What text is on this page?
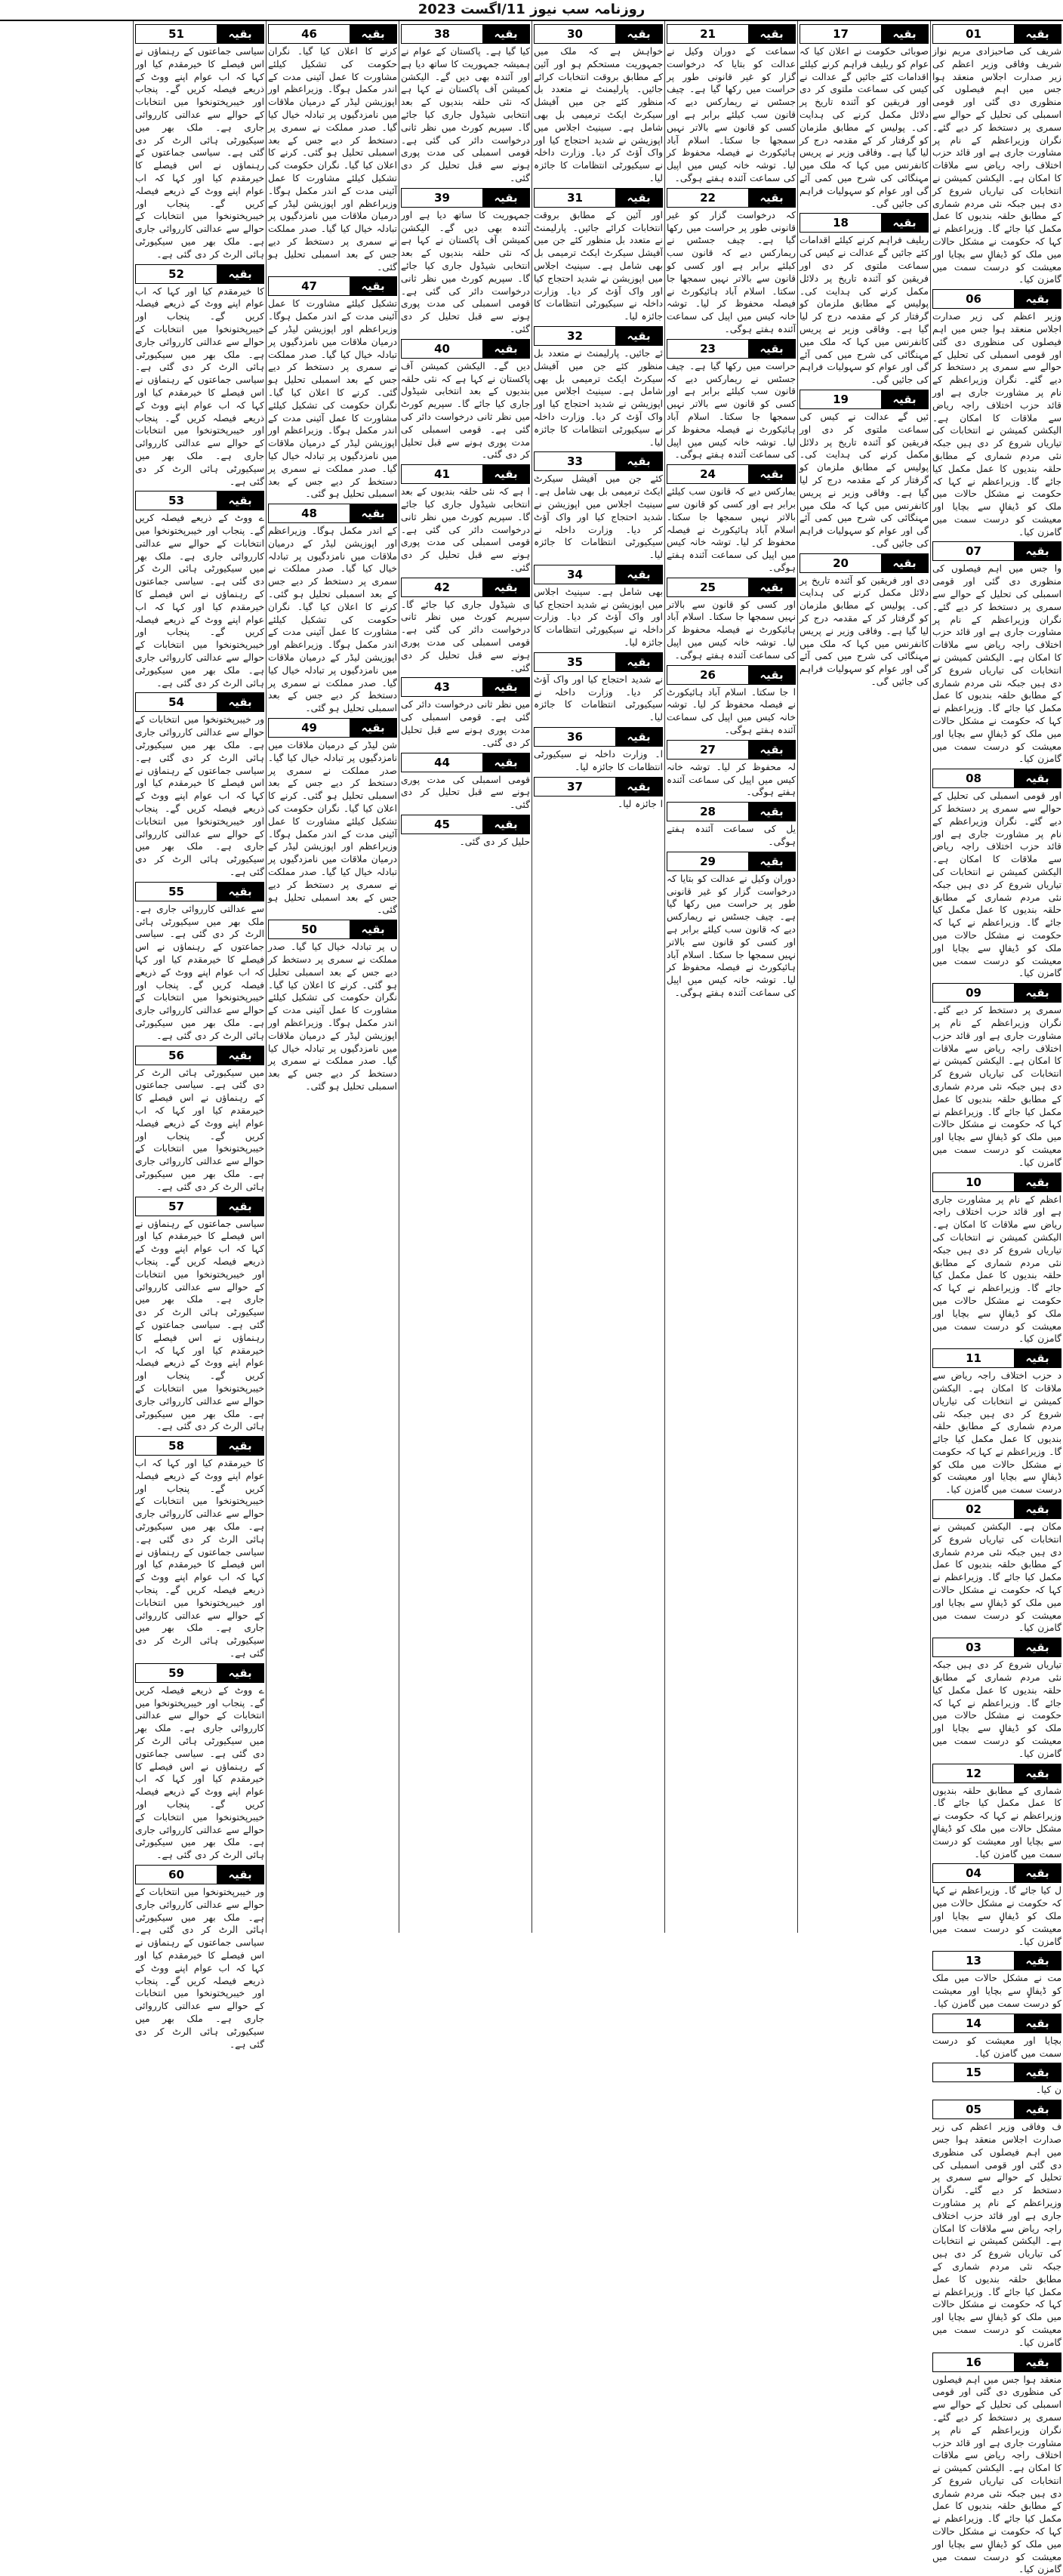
روزنامہ سب نیوز 11/اگست 2023
بقیہ
01

شریف کی صاحبزادی مریم نواز شریف وفاقی وزیر اعظم کی زیر صدارت اجلاس منعقد ہوا جس میں اہم فیصلوں کی منظوری دی گئی اور قومی اسمبلی کی تحلیل کے حوالے سے سمری پر دستخط کر دیے گئے۔ نگران وزیراعظم کے نام پر مشاورت جاری ہے اور قائد حزب اختلاف راجہ ریاض سے ملاقات کا امکان ہے۔ الیکشن کمیشن نے انتخابات کی تیاریاں شروع کر دی ہیں جبکہ نئی مردم شماری کے مطابق حلقہ بندیوں کا عمل مکمل کیا جائے گا۔ وزیراعظم نے کہا کہ حکومت نے مشکل حالات میں ملک کو ڈیفالٟ سے بچایا اور معیشت کو درست سمت میں گامزن کیا۔

بقیہ
06

وزیر اعظم کی زیر صدارت اجلاس منعقد ہوا جس میں اہم فیصلوں کی منظوری دی گئی اور قومی اسمبلی کی تحلیل کے حوالے سے سمری پر دستخط کر دیے گئے۔ نگران وزیراعظم کے نام پر مشاورت جاری ہے اور قائد حزب اختلاف راجہ ریاض سے ملاقات کا امکان ہے۔ الیکشن کمیشن نے انتخابات کی تیاریاں شروع کر دی ہیں جبکہ نئی مردم شماری کے مطابق حلقہ بندیوں کا عمل مکمل کیا جائے گا۔ وزیراعظم نے کہا کہ حکومت نے مشکل حالات میں ملک کو ڈیفالٟ سے بچایا اور معیشت کو درست سمت میں گامزن کیا۔

بقیہ
07

وا جس میں اہم فیصلوں کی منظوری دی گئی اور قومی اسمبلی کی تحلیل کے حوالے سے سمری پر دستخط کر دیے گئے۔ نگران وزیراعظم کے نام پر مشاورت جاری ہے اور قائد حزب اختلاف راجہ ریاض سے ملاقات کا امکان ہے۔ الیکشن کمیشن نے انتخابات کی تیاریاں شروع کر دی ہیں جبکہ نئی مردم شماری کے مطابق حلقہ بندیوں کا عمل مکمل کیا جائے گا۔ وزیراعظم نے کہا کہ حکومت نے مشکل حالات میں ملک کو ڈیفالٟ سے بچایا اور معیشت کو درست سمت میں گامزن کیا۔

بقیہ
08

اور قومی اسمبلی کی تحلیل کے حوالے سے سمری پر دستخط کر دیے گئے۔ نگران وزیراعظم کے نام پر مشاورت جاری ہے اور قائد حزب اختلاف راجہ ریاض سے ملاقات کا امکان ہے۔ الیکشن کمیشن نے انتخابات کی تیاریاں شروع کر دی ہیں جبکہ نئی مردم شماری کے مطابق حلقہ بندیوں کا عمل مکمل کیا جائے گا۔ وزیراعظم نے کہا کہ حکومت نے مشکل حالات میں ملک کو ڈیفالٟ سے بچایا اور معیشت کو درست سمت میں گامزن کیا۔

بقیہ
09

سمری پر دستخط کر دیے گئے۔ نگران وزیراعظم کے نام پر مشاورت جاری ہے اور قائد حزب اختلاف راجہ ریاض سے ملاقات کا امکان ہے۔ الیکشن کمیشن نے انتخابات کی تیاریاں شروع کر دی ہیں جبکہ نئی مردم شماری کے مطابق حلقہ بندیوں کا عمل مکمل کیا جائے گا۔ وزیراعظم نے کہا کہ حکومت نے مشکل حالات میں ملک کو ڈیفالٟ سے بچایا اور معیشت کو درست سمت میں گامزن کیا۔

بقیہ
10

اعظم کے نام پر مشاورت جاری ہے اور قائد حزب اختلاف راجہ ریاض سے ملاقات کا امکان ہے۔ الیکشن کمیشن نے انتخابات کی تیاریاں شروع کر دی ہیں جبکہ نئی مردم شماری کے مطابق حلقہ بندیوں کا عمل مکمل کیا جائے گا۔ وزیراعظم نے کہا کہ حکومت نے مشکل حالات میں ملک کو ڈیفالٟ سے بچایا اور معیشت کو درست سمت میں گامزن کیا۔

بقیہ
11

د حزب اختلاف راجہ ریاض سے ملاقات کا امکان ہے۔ الیکشن کمیشن نے انتخابات کی تیاریاں شروع کر دی ہیں جبکہ نئی مردم شماری کے مطابق حلقہ بندیوں کا عمل مکمل کیا جائے گا۔ وزیراعظم نے کہا کہ حکومت نے مشکل حالات میں ملک کو ڈیفالٟ سے بچایا اور معیشت کو درست سمت میں گامزن کیا۔

بقیہ
02

مکان ہے۔ الیکشن کمیشن نے انتخابات کی تیاریاں شروع کر دی ہیں جبکہ نئی مردم شماری کے مطابق حلقہ بندیوں کا عمل مکمل کیا جائے گا۔ وزیراعظم نے کہا کہ حکومت نے مشکل حالات میں ملک کو ڈیفالٟ سے بچایا اور معیشت کو درست سمت میں گامزن کیا۔

بقیہ
03

تیاریاں شروع کر دی ہیں جبکہ نئی مردم شماری کے مطابق حلقہ بندیوں کا عمل مکمل کیا جائے گا۔ وزیراعظم نے کہا کہ حکومت نے مشکل حالات میں ملک کو ڈیفالٟ سے بچایا اور معیشت کو درست سمت میں گامزن کیا۔

بقیہ
12

شماری کے مطابق حلقہ بندیوں کا عمل مکمل کیا جائے گا۔ وزیراعظم نے کہا کہ حکومت نے مشکل حالات میں ملک کو ڈیفالٟ سے بچایا اور معیشت کو درست سمت میں گامزن کیا۔

بقیہ
04

ل کیا جائے گا۔ وزیراعظم نے کہا کہ حکومت نے مشکل حالات میں ملک کو ڈیفالٟ سے بچایا اور معیشت کو درست سمت میں گامزن کیا۔

بقیہ
13

مت نے مشکل حالات میں ملک کو ڈیفالٟ سے بچایا اور معیشت کو درست سمت میں گامزن کیا۔

بقیہ
14

بچایا اور معیشت کو درست سمت میں گامزن کیا۔

بقیہ
15

ن کیا۔

بقیہ
05

ف وفاقی وزیر اعظم کی زیر صدارت اجلاس منعقد ہوا جس میں اہم فیصلوں کی منظوری دی گئی اور قومی اسمبلی کی تحلیل کے حوالے سے سمری پر دستخط کر دیے گئے۔ نگران وزیراعظم کے نام پر مشاورت جاری ہے اور قائد حزب اختلاف راجہ ریاض سے ملاقات کا امکان ہے۔ الیکشن کمیشن نے انتخابات کی تیاریاں شروع کر دی ہیں جبکہ نئی مردم شماری کے مطابق حلقہ بندیوں کا عمل مکمل کیا جائے گا۔ وزیراعظم نے کہا کہ حکومت نے مشکل حالات میں ملک کو ڈیفالٟ سے بچایا اور معیشت کو درست سمت میں گامزن کیا۔

بقیہ
16

منعقد ہوا جس میں اہم فیصلوں کی منظوری دی گئی اور قومی اسمبلی کی تحلیل کے حوالے سے سمری پر دستخط کر دیے گئے۔ نگران وزیراعظم کے نام پر مشاورت جاری ہے اور قائد حزب اختلاف راجہ ریاض سے ملاقات کا امکان ہے۔ الیکشن کمیشن نے انتخابات کی تیاریاں شروع کر دی ہیں جبکہ نئی مردم شماری کے مطابق حلقہ بندیوں کا عمل مکمل کیا جائے گا۔ وزیراعظم نے کہا کہ حکومت نے مشکل حالات میں ملک کو ڈیفالٟ سے بچایا اور معیشت کو درست سمت میں گامزن کیا۔

بقیہ
17

صوبائی حکومت نے اعلان کیا کہ عوام کو ریلیف فراہم کرنے کیلئے اقدامات کئے جائیں گے عدالت نے کیس کی سماعت ملتوی کر دی اور فریقین کو آئندہ تاریخ پر دلائل مکمل کرنے کی ہدایت کی۔ پولیس کے مطابق ملزمان کو گرفتار کر کے مقدمہ درج کر لیا گیا ہے۔ وفاقی وزیر نے پریس کانفرنس میں کہا کہ ملک میں مہنگائی کی شرح میں کمی آئے گی اور عوام کو سہولیات فراہم کی جائیں گی۔

بقیہ
18

ریلیف فراہم کرنے کیلئے اقدامات کئے جائیں گے عدالت نے کیس کی سماعت ملتوی کر دی اور فریقین کو آئندہ تاریخ پر دلائل مکمل کرنے کی ہدایت کی۔ پولیس کے مطابق ملزمان کو گرفتار کر کے مقدمہ درج کر لیا گیا ہے۔ وفاقی وزیر نے پریس کانفرنس میں کہا کہ ملک میں مہنگائی کی شرح میں کمی آئے گی اور عوام کو سہولیات فراہم کی جائیں گی۔

بقیہ
19

ئیں گے عدالت نے کیس کی سماعت ملتوی کر دی اور فریقین کو آئندہ تاریخ پر دلائل مکمل کرنے کی ہدایت کی۔ پولیس کے مطابق ملزمان کو گرفتار کر کے مقدمہ درج کر لیا گیا ہے۔ وفاقی وزیر نے پریس کانفرنس میں کہا کہ ملک میں مہنگائی کی شرح میں کمی آئے گی اور عوام کو سہولیات فراہم کی جائیں گی۔

بقیہ
20

دی اور فریقین کو آئندہ تاریخ پر دلائل مکمل کرنے کی ہدایت کی۔ پولیس کے مطابق ملزمان کو گرفتار کر کے مقدمہ درج کر لیا گیا ہے۔ وفاقی وزیر نے پریس کانفرنس میں کہا کہ ملک میں مہنگائی کی شرح میں کمی آئے گی اور عوام کو سہولیات فراہم کی جائیں گی۔

بقیہ
21

سماعت کے دوران وکیل نے عدالت کو بتایا کہ درخواست گزار کو غیر قانونی طور پر حراست میں رکھا گیا ہے۔ چیف جسٹس نے ریمارکس دیے کہ قانون سب کیلئے برابر ہے اور کسی کو قانون سے بالاتر نہیں سمجھا جا سکتا۔ اسلام آباد ہائیکورٹ نے فیصلہ محفوظ کر لیا۔ توشہ خانہ کیس میں اپیل کی سماعت آئندہ ہفتے ہوگی۔

بقیہ
22

کہ درخواست گزار کو غیر قانونی طور پر حراست میں رکھا گیا ہے۔ چیف جسٹس نے ریمارکس دیے کہ قانون سب کیلئے برابر ہے اور کسی کو قانون سے بالاتر نہیں سمجھا جا سکتا۔ اسلام آباد ہائیکورٹ نے فیصلہ محفوظ کر لیا۔ توشہ خانہ کیس میں اپیل کی سماعت آئندہ ہفتے ہوگی۔

بقیہ
23

حراست میں رکھا گیا ہے۔ چیف جسٹس نے ریمارکس دیے کہ قانون سب کیلئے برابر ہے اور کسی کو قانون سے بالاتر نہیں سمجھا جا سکتا۔ اسلام آباد ہائیکورٹ نے فیصلہ محفوظ کر لیا۔ توشہ خانہ کیس میں اپیل کی سماعت آئندہ ہفتے ہوگی۔

بقیہ
24

یمارکس دیے کہ قانون سب کیلئے برابر ہے اور کسی کو قانون سے بالاتر نہیں سمجھا جا سکتا۔ اسلام آباد ہائیکورٹ نے فیصلہ محفوظ کر لیا۔ توشہ خانہ کیس میں اپیل کی سماعت آئندہ ہفتے ہوگی۔

بقیہ
25

اور کسی کو قانون سے بالاتر نہیں سمجھا جا سکتا۔ اسلام آباد ہائیکورٹ نے فیصلہ محفوظ کر لیا۔ توشہ خانہ کیس میں اپیل کی سماعت آئندہ ہفتے ہوگی۔

بقیہ
26

ا جا سکتا۔ اسلام آباد ہائیکورٹ نے فیصلہ محفوظ کر لیا۔ توشہ خانہ کیس میں اپیل کی سماعت آئندہ ہفتے ہوگی۔

بقیہ
27

لہ محفوظ کر لیا۔ توشہ خانہ کیس میں اپیل کی سماعت آئندہ ہفتے ہوگی۔

بقیہ
28

یل کی سماعت آئندہ ہفتے ہوگی۔

بقیہ
29

دوران وکیل نے عدالت کو بتایا کہ درخواست گزار کو غیر قانونی طور پر حراست میں رکھا گیا ہے۔ چیف جسٹس نے ریمارکس دیے کہ قانون سب کیلئے برابر ہے اور کسی کو قانون سے بالاتر نہیں سمجھا جا سکتا۔ اسلام آباد ہائیکورٹ نے فیصلہ محفوظ کر لیا۔ توشہ خانہ کیس میں اپیل کی سماعت آئندہ ہفتے ہوگی۔

بقیہ
30

خواہش ہے کہ ملک میں جمہوریت مستحکم ہو اور آئین کے مطابق بروقت انتخابات کرائے جائیں۔ پارلیمنٹ نے متعدد بل منظور کئے جن میں آفیشل سیکرٹ ایکٹ ترمیمی بل بھی شامل ہے۔ سینیٹ اجلاس میں اپوزیشن نے شدید احتجاج کیا اور واک آؤٹ کر دیا۔ وزارت داخلہ نے سیکیورٹی انتظامات کا جائزہ لیا۔

بقیہ
31

اور آئین کے مطابق بروقت انتخابات کرائے جائیں۔ پارلیمنٹ نے متعدد بل منظور کئے جن میں آفیشل سیکرٹ ایکٹ ترمیمی بل بھی شامل ہے۔ سینیٹ اجلاس میں اپوزیشن نے شدید احتجاج کیا اور واک آؤٹ کر دیا۔ وزارت داخلہ نے سیکیورٹی انتظامات کا جائزہ لیا۔

بقیہ
32

ئے جائیں۔ پارلیمنٹ نے متعدد بل منظور کئے جن میں آفیشل سیکرٹ ایکٹ ترمیمی بل بھی شامل ہے۔ سینیٹ اجلاس میں اپوزیشن نے شدید احتجاج کیا اور واک آؤٹ کر دیا۔ وزارت داخلہ نے سیکیورٹی انتظامات کا جائزہ لیا۔

بقیہ
33

کئے جن میں آفیشل سیکرٹ ایکٹ ترمیمی بل بھی شامل ہے۔ سینیٹ اجلاس میں اپوزیشن نے شدید احتجاج کیا اور واک آؤٹ کر دیا۔ وزارت داخلہ نے سیکیورٹی انتظامات کا جائزہ لیا۔

بقیہ
34

بھی شامل ہے۔ سینیٹ اجلاس میں اپوزیشن نے شدید احتجاج کیا اور واک آؤٹ کر دیا۔ وزارت داخلہ نے سیکیورٹی انتظامات کا جائزہ لیا۔

بقیہ
35

نے شدید احتجاج کیا اور واک آؤٹ کر دیا۔ وزارت داخلہ نے سیکیورٹی انتظامات کا جائزہ لیا۔

بقیہ
36

ا۔ وزارت داخلہ نے سیکیورٹی انتظامات کا جائزہ لیا۔

بقیہ
37

ا جائزہ لیا۔

بقیہ
38

کیا گیا ہے۔ پاکستان کے عوام نے ہمیشہ جمہوریت کا ساتھ دیا ہے اور آئندہ بھی دیں گے۔ الیکشن کمیشن آف پاکستان نے کہا ہے کہ نئی حلقہ بندیوں کے بعد انتخابی شیڈول جاری کیا جائے گا۔ سپریم کورٹ میں نظر ثانی درخواست دائر کی گئی ہے۔ قومی اسمبلی کی مدت پوری ہونے سے قبل تحلیل کر دی گئی۔

بقیہ
39

جمہوریت کا ساتھ دیا ہے اور آئندہ بھی دیں گے۔ الیکشن کمیشن آف پاکستان نے کہا ہے کہ نئی حلقہ بندیوں کے بعد انتخابی شیڈول جاری کیا جائے گا۔ سپریم کورٹ میں نظر ثانی درخواست دائر کی گئی ہے۔ قومی اسمبلی کی مدت پوری ہونے سے قبل تحلیل کر دی گئی۔

بقیہ
40

دیں گے۔ الیکشن کمیشن آف پاکستان نے کہا ہے کہ نئی حلقہ بندیوں کے بعد انتخابی شیڈول جاری کیا جائے گا۔ سپریم کورٹ میں نظر ثانی درخواست دائر کی گئی ہے۔ قومی اسمبلی کی مدت پوری ہونے سے قبل تحلیل کر دی گئی۔

بقیہ
41

ا ہے کہ نئی حلقہ بندیوں کے بعد انتخابی شیڈول جاری کیا جائے گا۔ سپریم کورٹ میں نظر ثانی درخواست دائر کی گئی ہے۔ قومی اسمبلی کی مدت پوری ہونے سے قبل تحلیل کر دی گئی۔

بقیہ
42

ی شیڈول جاری کیا جائے گا۔ سپریم کورٹ میں نظر ثانی درخواست دائر کی گئی ہے۔ قومی اسمبلی کی مدت پوری ہونے سے قبل تحلیل کر دی گئی۔

بقیہ
43

میں نظر ثانی درخواست دائر کی گئی ہے۔ قومی اسمبلی کی مدت پوری ہونے سے قبل تحلیل کر دی گئی۔

بقیہ
44

قومی اسمبلی کی مدت پوری ہونے سے قبل تحلیل کر دی گئی۔

بقیہ
45

حلیل کر دی گئی۔

بقیہ
46

کرنے کا اعلان کیا گیا۔ نگران حکومت کی تشکیل کیلئے مشاورت کا عمل آئینی مدت کے اندر مکمل ہوگا۔ وزیراعظم اور اپوزیشن لیڈر کے درمیان ملاقات میں نامزدگیوں پر تبادلہ خیال کیا گیا۔ صدر مملکت نے سمری پر دستخط کر دیے جس کے بعد اسمبلی تحلیل ہو گئی۔ کرنے کا اعلان کیا گیا۔ نگران حکومت کی تشکیل کیلئے مشاورت کا عمل آئینی مدت کے اندر مکمل ہوگا۔ وزیراعظم اور اپوزیشن لیڈر کے درمیان ملاقات میں نامزدگیوں پر تبادلہ خیال کیا گیا۔ صدر مملکت نے سمری پر دستخط کر دیے جس کے بعد اسمبلی تحلیل ہو گئی۔

بقیہ
47

تشکیل کیلئے مشاورت کا عمل آئینی مدت کے اندر مکمل ہوگا۔ وزیراعظم اور اپوزیشن لیڈر کے درمیان ملاقات میں نامزدگیوں پر تبادلہ خیال کیا گیا۔ صدر مملکت نے سمری پر دستخط کر دیے جس کے بعد اسمبلی تحلیل ہو گئی۔ کرنے کا اعلان کیا گیا۔ نگران حکومت کی تشکیل کیلئے مشاورت کا عمل آئینی مدت کے اندر مکمل ہوگا۔ وزیراعظم اور اپوزیشن لیڈر کے درمیان ملاقات میں نامزدگیوں پر تبادلہ خیال کیا گیا۔ صدر مملکت نے سمری پر دستخط کر دیے جس کے بعد اسمبلی تحلیل ہو گئی۔

بقیہ
48

کے اندر مکمل ہوگا۔ وزیراعظم اور اپوزیشن لیڈر کے درمیان ملاقات میں نامزدگیوں پر تبادلہ خیال کیا گیا۔ صدر مملکت نے سمری پر دستخط کر دیے جس کے بعد اسمبلی تحلیل ہو گئی۔ کرنے کا اعلان کیا گیا۔ نگران حکومت کی تشکیل کیلئے مشاورت کا عمل آئینی مدت کے اندر مکمل ہوگا۔ وزیراعظم اور اپوزیشن لیڈر کے درمیان ملاقات میں نامزدگیوں پر تبادلہ خیال کیا گیا۔ صدر مملکت نے سمری پر دستخط کر دیے جس کے بعد اسمبلی تحلیل ہو گئی۔

بقیہ
49

شن لیڈر کے درمیان ملاقات میں نامزدگیوں پر تبادلہ خیال کیا گیا۔ صدر مملکت نے سمری پر دستخط کر دیے جس کے بعد اسمبلی تحلیل ہو گئی۔ کرنے کا اعلان کیا گیا۔ نگران حکومت کی تشکیل کیلئے مشاورت کا عمل آئینی مدت کے اندر مکمل ہوگا۔ وزیراعظم اور اپوزیشن لیڈر کے درمیان ملاقات میں نامزدگیوں پر تبادلہ خیال کیا گیا۔ صدر مملکت نے سمری پر دستخط کر دیے جس کے بعد اسمبلی تحلیل ہو گئی۔

بقیہ
50

ں پر تبادلہ خیال کیا گیا۔ صدر مملکت نے سمری پر دستخط کر دیے جس کے بعد اسمبلی تحلیل ہو گئی۔ کرنے کا اعلان کیا گیا۔ نگران حکومت کی تشکیل کیلئے مشاورت کا عمل آئینی مدت کے اندر مکمل ہوگا۔ وزیراعظم اور اپوزیشن لیڈر کے درمیان ملاقات میں نامزدگیوں پر تبادلہ خیال کیا گیا۔ صدر مملکت نے سمری پر دستخط کر دیے جس کے بعد اسمبلی تحلیل ہو گئی۔

بقیہ
51

سیاسی جماعتوں کے رہنماؤں نے اس فیصلے کا خیرمقدم کیا اور کہا کہ اب عوام اپنے ووٹ کے ذریعے فیصلہ کریں گے۔ پنجاب اور خیبرپختونخوا میں انتخابات کے حوالے سے عدالتی کارروائی جاری ہے۔ ملک بھر میں سیکیورٹی ہائی الرٹ کر دی گئی ہے۔ سیاسی جماعتوں کے رہنماؤں نے اس فیصلے کا خیرمقدم کیا اور کہا کہ اب عوام اپنے ووٹ کے ذریعے فیصلہ کریں گے۔ پنجاب اور خیبرپختونخوا میں انتخابات کے حوالے سے عدالتی کارروائی جاری ہے۔ ملک بھر میں سیکیورٹی ہائی الرٹ کر دی گئی ہے۔

بقیہ
52

کا خیرمقدم کیا اور کہا کہ اب عوام اپنے ووٹ کے ذریعے فیصلہ کریں گے۔ پنجاب اور خیبرپختونخوا میں انتخابات کے حوالے سے عدالتی کارروائی جاری ہے۔ ملک بھر میں سیکیورٹی ہائی الرٹ کر دی گئی ہے۔ سیاسی جماعتوں کے رہنماؤں نے اس فیصلے کا خیرمقدم کیا اور کہا کہ اب عوام اپنے ووٹ کے ذریعے فیصلہ کریں گے۔ پنجاب اور خیبرپختونخوا میں انتخابات کے حوالے سے عدالتی کارروائی جاری ہے۔ ملک بھر میں سیکیورٹی ہائی الرٹ کر دی گئی ہے۔

بقیہ
53

ے ووٹ کے ذریعے فیصلہ کریں گے۔ پنجاب اور خیبرپختونخوا میں انتخابات کے حوالے سے عدالتی کارروائی جاری ہے۔ ملک بھر میں سیکیورٹی ہائی الرٹ کر دی گئی ہے۔ سیاسی جماعتوں کے رہنماؤں نے اس فیصلے کا خیرمقدم کیا اور کہا کہ اب عوام اپنے ووٹ کے ذریعے فیصلہ کریں گے۔ پنجاب اور خیبرپختونخوا میں انتخابات کے حوالے سے عدالتی کارروائی جاری ہے۔ ملک بھر میں سیکیورٹی ہائی الرٹ کر دی گئی ہے۔

بقیہ
54

ور خیبرپختونخوا میں انتخابات کے حوالے سے عدالتی کارروائی جاری ہے۔ ملک بھر میں سیکیورٹی ہائی الرٹ کر دی گئی ہے۔ سیاسی جماعتوں کے رہنماؤں نے اس فیصلے کا خیرمقدم کیا اور کہا کہ اب عوام اپنے ووٹ کے ذریعے فیصلہ کریں گے۔ پنجاب اور خیبرپختونخوا میں انتخابات کے حوالے سے عدالتی کارروائی جاری ہے۔ ملک بھر میں سیکیورٹی ہائی الرٹ کر دی گئی ہے۔

بقیہ
55

سے عدالتی کارروائی جاری ہے۔ ملک بھر میں سیکیورٹی ہائی الرٹ کر دی گئی ہے۔ سیاسی جماعتوں کے رہنماؤں نے اس فیصلے کا خیرمقدم کیا اور کہا کہ اب عوام اپنے ووٹ کے ذریعے فیصلہ کریں گے۔ پنجاب اور خیبرپختونخوا میں انتخابات کے حوالے سے عدالتی کارروائی جاری ہے۔ ملک بھر میں سیکیورٹی ہائی الرٹ کر دی گئی ہے۔

بقیہ
56

میں سیکیورٹی ہائی الرٹ کر دی گئی ہے۔ سیاسی جماعتوں کے رہنماؤں نے اس فیصلے کا خیرمقدم کیا اور کہا کہ اب عوام اپنے ووٹ کے ذریعے فیصلہ کریں گے۔ پنجاب اور خیبرپختونخوا میں انتخابات کے حوالے سے عدالتی کارروائی جاری ہے۔ ملک بھر میں سیکیورٹی ہائی الرٹ کر دی گئی ہے۔

بقیہ
57

سیاسی جماعتوں کے رہنماؤں نے اس فیصلے کا خیرمقدم کیا اور کہا کہ اب عوام اپنے ووٹ کے ذریعے فیصلہ کریں گے۔ پنجاب اور خیبرپختونخوا میں انتخابات کے حوالے سے عدالتی کارروائی جاری ہے۔ ملک بھر میں سیکیورٹی ہائی الرٹ کر دی گئی ہے۔ سیاسی جماعتوں کے رہنماؤں نے اس فیصلے کا خیرمقدم کیا اور کہا کہ اب عوام اپنے ووٹ کے ذریعے فیصلہ کریں گے۔ پنجاب اور خیبرپختونخوا میں انتخابات کے حوالے سے عدالتی کارروائی جاری ہے۔ ملک بھر میں سیکیورٹی ہائی الرٹ کر دی گئی ہے۔

بقیہ
58

کا خیرمقدم کیا اور کہا کہ اب عوام اپنے ووٹ کے ذریعے فیصلہ کریں گے۔ پنجاب اور خیبرپختونخوا میں انتخابات کے حوالے سے عدالتی کارروائی جاری ہے۔ ملک بھر میں سیکیورٹی ہائی الرٹ کر دی گئی ہے۔ سیاسی جماعتوں کے رہنماؤں نے اس فیصلے کا خیرمقدم کیا اور کہا کہ اب عوام اپنے ووٹ کے ذریعے فیصلہ کریں گے۔ پنجاب اور خیبرپختونخوا میں انتخابات کے حوالے سے عدالتی کارروائی جاری ہے۔ ملک بھر میں سیکیورٹی ہائی الرٹ کر دی گئی ہے۔

بقیہ
59

ے ووٹ کے ذریعے فیصلہ کریں گے۔ پنجاب اور خیبرپختونخوا میں انتخابات کے حوالے سے عدالتی کارروائی جاری ہے۔ ملک بھر میں سیکیورٹی ہائی الرٹ کر دی گئی ہے۔ سیاسی جماعتوں کے رہنماؤں نے اس فیصلے کا خیرمقدم کیا اور کہا کہ اب عوام اپنے ووٹ کے ذریعے فیصلہ کریں گے۔ پنجاب اور خیبرپختونخوا میں انتخابات کے حوالے سے عدالتی کارروائی جاری ہے۔ ملک بھر میں سیکیورٹی ہائی الرٹ کر دی گئی ہے۔

بقیہ
60

ور خیبرپختونخوا میں انتخابات کے حوالے سے عدالتی کارروائی جاری ہے۔ ملک بھر میں سیکیورٹی ہائی الرٹ کر دی گئی ہے۔ سیاسی جماعتوں کے رہنماؤں نے اس فیصلے کا خیرمقدم کیا اور کہا کہ اب عوام اپنے ووٹ کے ذریعے فیصلہ کریں گے۔ پنجاب اور خیبرپختونخوا میں انتخابات کے حوالے سے عدالتی کارروائی جاری ہے۔ ملک بھر میں سیکیورٹی ہائی الرٹ کر دی گئی ہے۔
